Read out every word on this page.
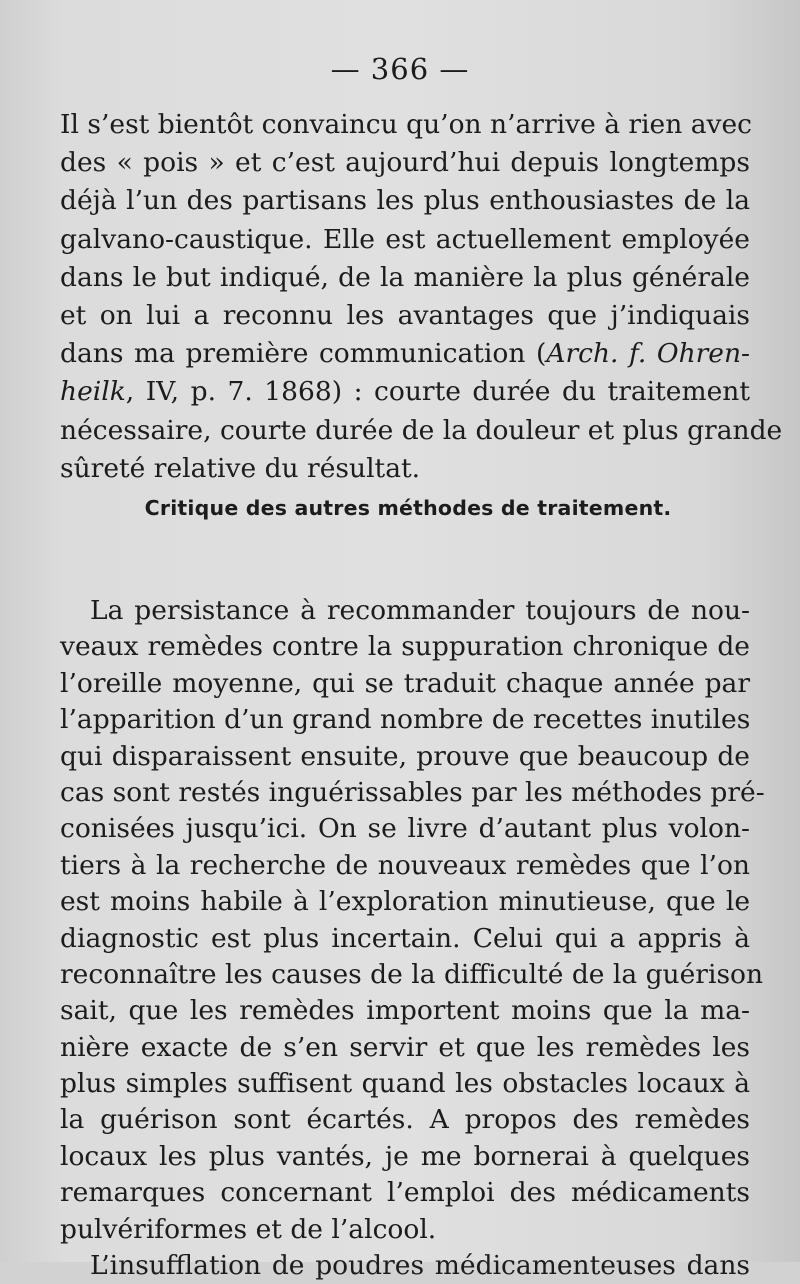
— 366 —
Il s’est bientôt convaincu qu’on n’arrive à rien avec
des « pois » et c’est aujourd’hui depuis longtemps
déjà l’un des partisans les plus enthousiastes de la
galvano-caustique. Elle est actuellement employée
dans le but indiqué, de la manière la plus générale
et on lui a reconnu les avantages que j’indiquais
dans ma première communication (Arch. f. Ohren-
heilk, IV, p. 7. 1868) : courte durée du traitement
nécessaire, courte durée de la douleur et plus grande
sûreté relative du résultat.
Critique des autres méthodes de traitement.
La persistance à recommander toujours de nou-
veaux remèdes contre la suppuration chronique de
l’oreille moyenne, qui se traduit chaque année par
l’apparition d’un grand nombre de recettes inutiles
qui disparaissent ensuite, prouve que beaucoup de
cas sont restés inguérissables par les méthodes pré-
conisées jusqu’ici. On se livre d’autant plus volon-
tiers à la recherche de nouveaux remèdes que l’on
est moins habile à l’exploration minutieuse, que le
diagnostic est plus incertain. Celui qui a appris à
reconnaître les causes de la difficulté de la guérison
sait, que les remèdes importent moins que la ma-
nière exacte de s’en servir et que les remèdes les
plus simples suffisent quand les obstacles locaux à
la guérison sont écartés. A propos des remèdes
locaux les plus vantés, je me bornerai à quelques
remarques concernant l’emploi des médicaments
pulvériformes et de l’alcool.
L’insufflation de poudres médicamenteuses dans
